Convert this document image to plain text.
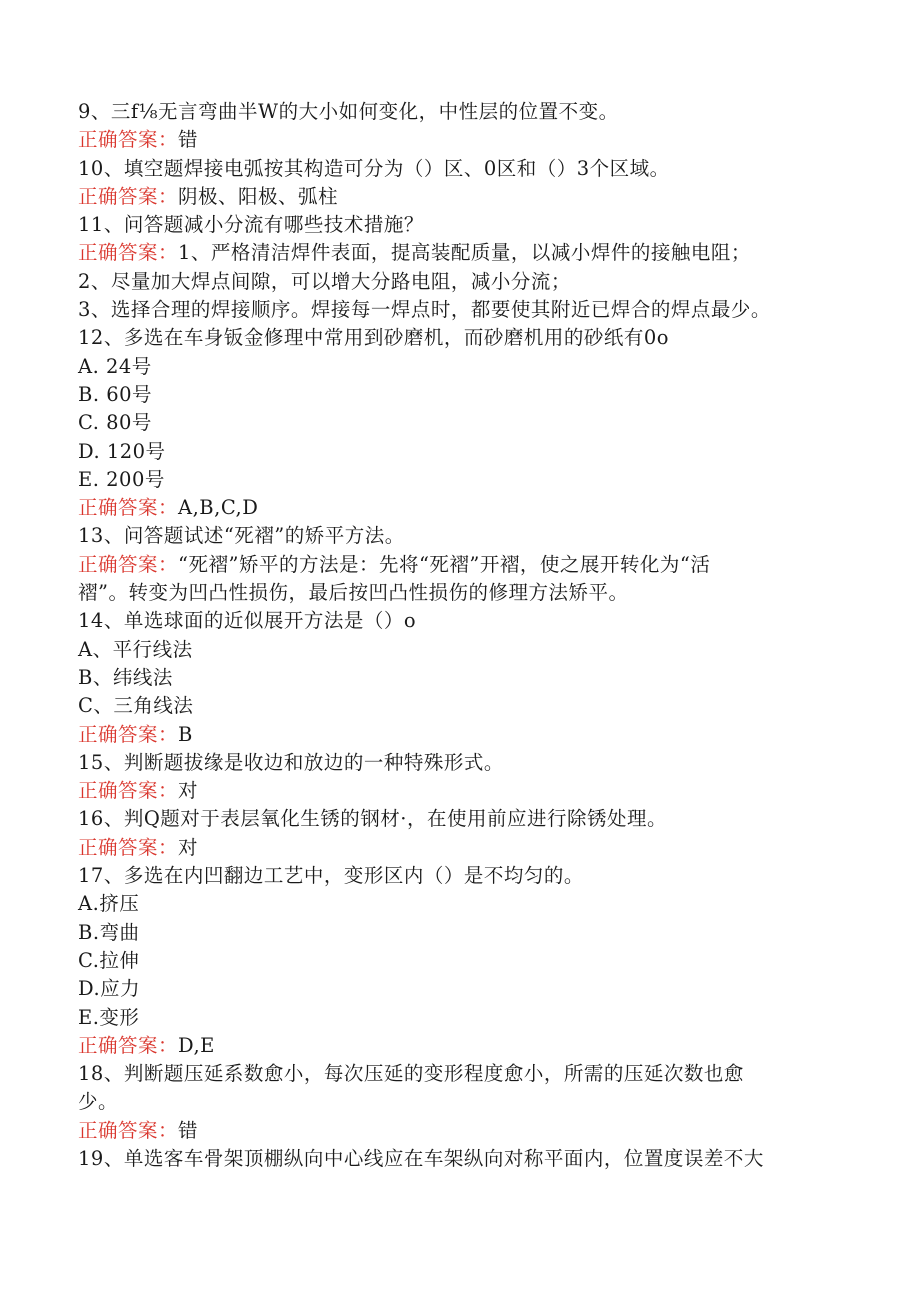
9、三f⅛无言弯曲半W的大小如何变化，中性层的位置不变。
正确答案：错
10、填空题焊接电弧按其构造可分为（）区、0区和（）3个区域。
正确答案：阴极、阳极、弧柱
11、问答题减小分流有哪些技术措施？
正确答案：1、严格清洁焊件表面，提高装配质量，以减小焊件的接触电阻；
2、尽量加大焊点间隙，可以增大分路电阻，减小分流；
3、选择合理的焊接顺序。焊接每一焊点时，都要使其附近已焊合的焊点最少。
12、多选在车身钣金修理中常用到砂磨机，而砂磨机用的砂纸有0o
A. 24号
B. 60号
C. 80号
D. 120号
E. 200号
正确答案：A,B,C,D
13、问答题试述“死褶”的矫平方法。
正确答案：“死褶”矫平的方法是：先将“死褶”开褶，使之展开转化为“活
褶”。转变为凹凸性损伤，最后按凹凸性损伤的修理方法矫平。
14、单选球面的近似展开方法是（）o
A、平行线法
B、纬线法
C、三角线法
正确答案：B
15、判断题拔缘是收边和放边的一种特殊形式。
正确答案：对
16、判Q题对于表层氧化生锈的钢材·，在使用前应进行除锈处理。
正确答案：对
17、多选在内凹翻边工艺中，变形区内（）是不均匀的。
A.挤压
B.弯曲
C.拉伸
D.应力
E.变形
正确答案：D,E
18、判断题压延系数愈小，每次压延的变形程度愈小，所需的压延次数也愈
少。
正确答案：错
19、单选客车骨架顶棚纵向中心线应在车架纵向对称平面内，位置度误差不大
